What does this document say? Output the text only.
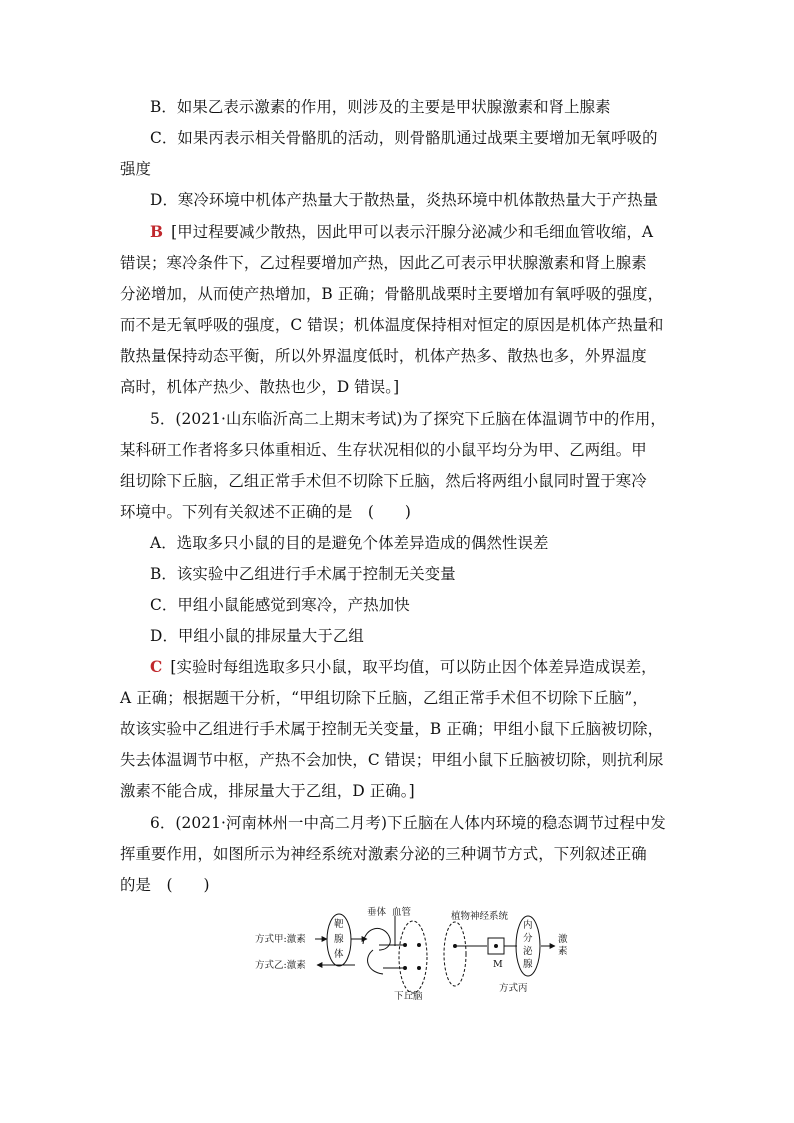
B．如果乙表示激素的作用，则涉及的主要是甲状腺激素和肾上腺素
C．如果丙表示相关骨骼肌的活动，则骨骼肌通过战栗主要增加无氧呼吸的
强度
D．寒冷环境中机体产热量大于散热量，炎热环境中机体散热量大于产热量
B [甲过程要减少散热，因此甲可以表示汗腺分泌减少和毛细血管收缩，A
错误；寒冷条件下，乙过程要增加产热，因此乙可表示甲状腺激素和肾上腺素
分泌增加，从而使产热增加，B 正确；骨骼肌战栗时主要增加有氧呼吸的强度，
而不是无氧呼吸的强度，C 错误；机体温度保持相对恒定的原因是机体产热量和
散热量保持动态平衡，所以外界温度低时，机体产热多、散热也多，外界温度
高时，机体产热少、散热也少，D 错误。]
5．(2021·山东临沂高二上期末考试)为了探究下丘脑在体温调节中的作用，
某科研工作者将多只体重相近、生存状况相似的小鼠平均分为甲、乙两组。甲
组切除下丘脑，乙组正常手术但不切除下丘脑，然后将两组小鼠同时置于寒冷
环境中。下列有关叙述不正确的是　(　　)
A．选取多只小鼠的目的是避免个体差异造成的偶然性误差
B．该实验中乙组进行手术属于控制无关变量
C．甲组小鼠能感觉到寒冷，产热加快
D．甲组小鼠的排尿量大于乙组
C [实验时每组选取多只小鼠，取平均值，可以防止因个体差异造成误差，
A 正确；根据题干分析，“甲组切除下丘脑，乙组正常手术但不切除下丘脑”，
故该实验中乙组进行手术属于控制无关变量，B 正确；甲组小鼠下丘脑被切除，
失去体温调节中枢，产热不会加快，C 错误；甲组小鼠下丘脑被切除，则抗利尿
激素不能合成，排尿量大于乙组，D 正确。]
6．(2021·河南林州一中高二月考)下丘脑在人体内环境的稳态调节过程中发
挥重要作用，如图所示为神经系统对激素分泌的三种调节方式，下列叙述正确
的是　(　　)
方式甲:激素
方式乙:激素
靶
腺
体
垂体 血管
下丘脑
植物神经系统
M
内
分
泌
腺
激
素
方式丙
